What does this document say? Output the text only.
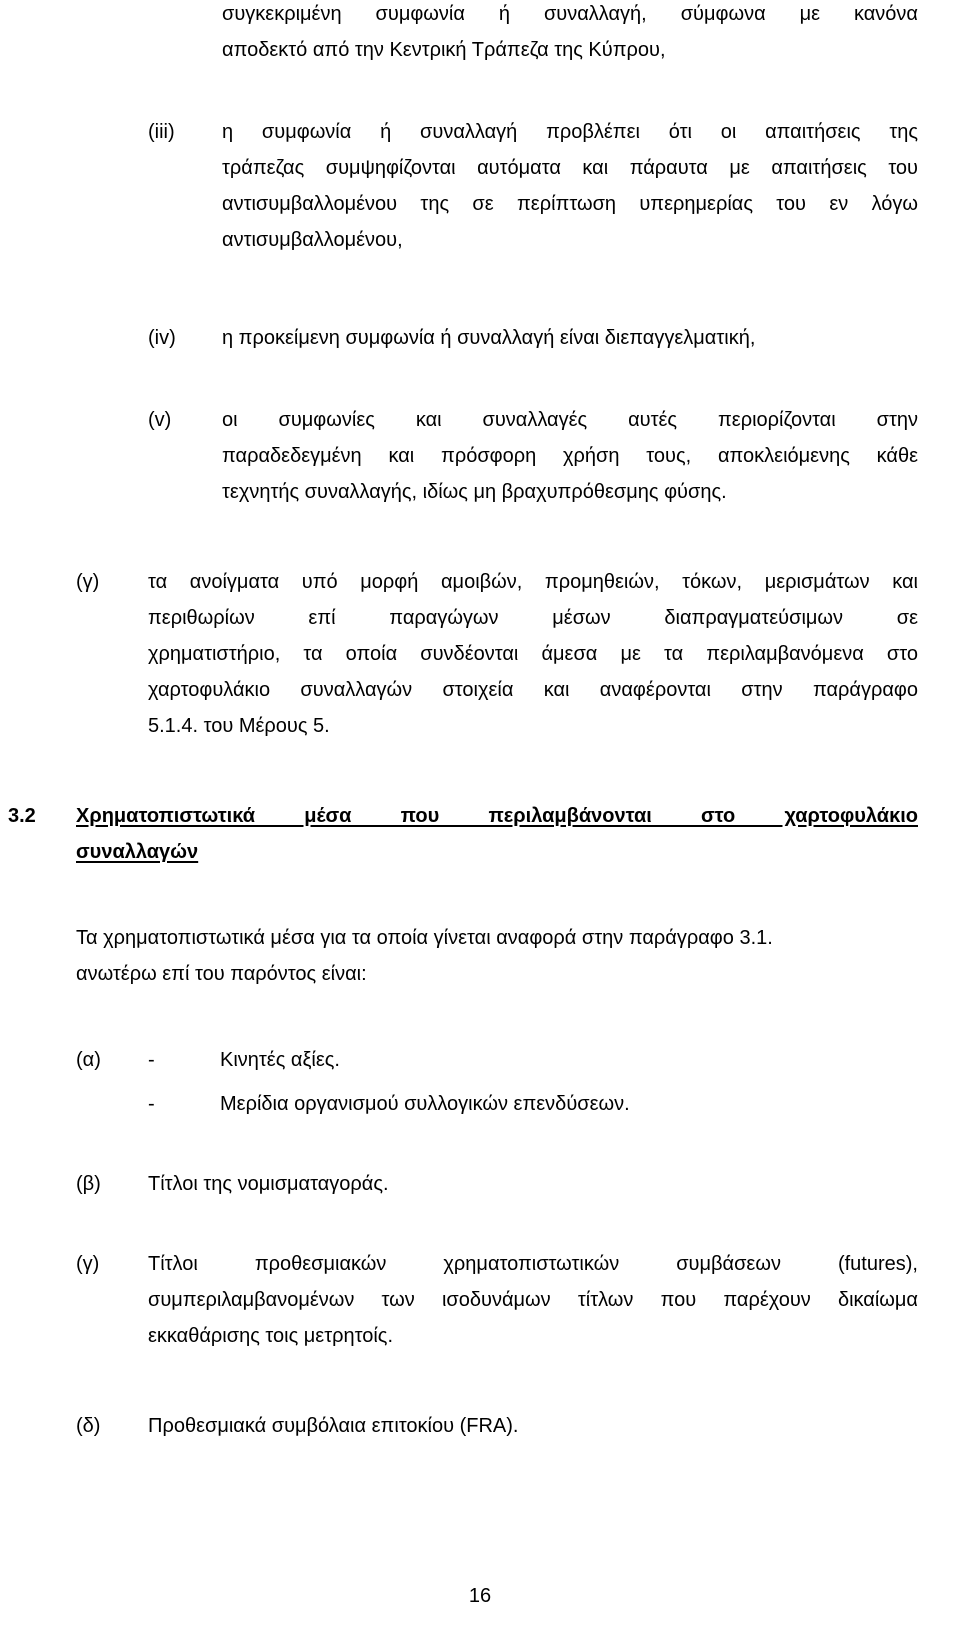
συγκεκριμένη συμφωνία ή συναλλαγή, σύμφωνα με κανόνα
αποδεκτό από την Κεντρική Τράπεζα της Κύπρου,
(iii) η συμφωνία ή συναλλαγή προβλέπει ότι οι απαιτήσεις της
τράπεζας συμψηφίζονται αυτόματα και πάραυτα με απαιτήσεις του
αντισυμβαλλομένου της σε περίπτωση υπερημερίας του εν λόγω
αντισυμβαλλομένου,
(iv) η προκείμενη συμφωνία ή συναλλαγή είναι διεπαγγελματική,
(v)	οι συμφωνίες και συναλλαγές αυτές περιορίζονται στην
παραδεδεγμένη και πρόσφορη χρήση τους, αποκλειόμενης κάθε
τεχνητής συναλλαγής, ιδίως μη βραχυπρόθεσμης φύσης.
(γ) τα ανοίγματα υπό μορφή αμοιβών, προμηθειών, τόκων, μερισμάτων και
περιθωρίων επί παραγώγων μέσων διαπραγματεύσιμων σε
χρηματιστήριο, τα οποία συνδέονται άμεσα με τα περιλαμβανόμενα στο
χαρτοφυλάκιο συναλλαγών στοιχεία και αναφέρονται στην παράγραφο
5.1.4. του Μέρους 5.
3.2 Χρηματοπιστωτικά μέσα που περιλαμβάνονται στο χαρτοφυλάκιο
συναλλαγών
Τα χρηματοπιστωτικά μέσα για τα οποία γίνεται αναφορά στην παράγραφο 3.1.
ανωτέρω επί του παρόντος είναι:
(α) -	Κινητές αξίες.
-	Μερίδια οργανισμού συλλογικών επενδύσεων.
(β) Τίτλοι της νομισματαγοράς.
(γ) Τίτλοι προθεσμιακών χρηματοπιστωτικών συμβάσεων (futures),
συμπεριλαμβανομένων των ισοδυνάμων τίτλων που παρέχουν δικαίωμα
εκκαθάρισης τοις μετρητοίς.
(δ) Προθεσμιακά συμβόλαια επιτοκίου (FRA).
16
